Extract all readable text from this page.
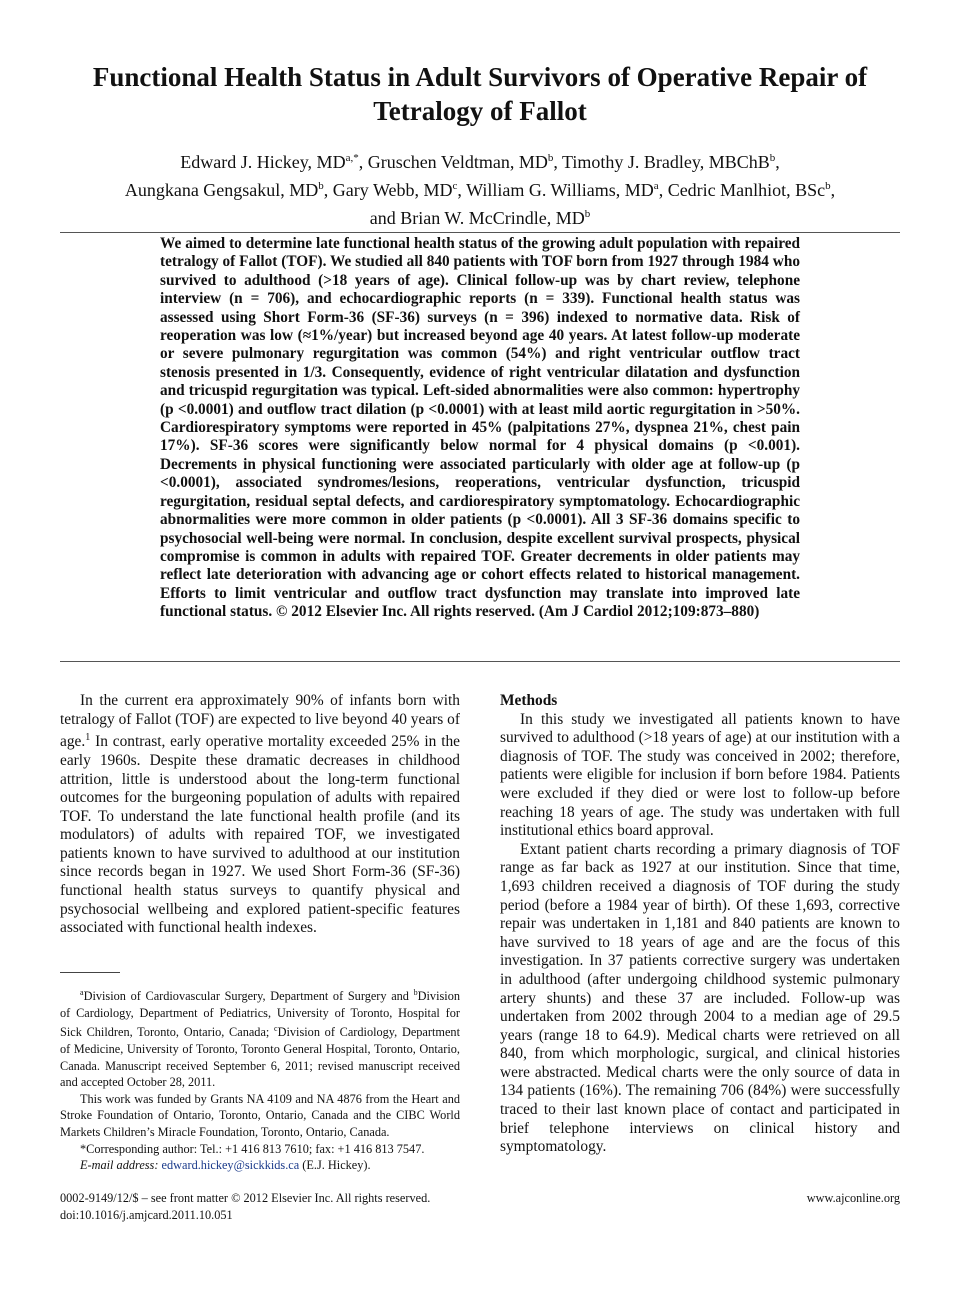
Functional Health Status in Adult Survivors of Operative Repair of Tetralogy of Fallot
Edward J. Hickey, $MD^{a,*}$, Gruschen Veldtman, $MD^b$, Timothy J. Bradley, MBChB$^b$,
Aungkana Gengsakul, $MD^b$, Gary Webb, $MD^c$, William G. Williams, $MD^a$, Cedric Manlhiot, BSc$^b$,
and Brian W. McCrindle, $MD^b$
We aimed to determine late functional health status of the growing adult population with repaired tetralogy of Fallot (TOF). We studied all 840 patients with TOF born from 1927 through 1984 who survived to adulthood (>18 years of age). Clinical follow-up was by chart review, telephone interview (n = 706), and echocardiographic reports (n = 339). Functional health status was assessed using Short Form-36 (SF-36) surveys (n = 396) indexed to normative data. Risk of reoperation was low (≈1%/year) but increased beyond age 40 years. At latest follow-up moderate or severe pulmonary regurgitation was common (54%) and right ventricular outflow tract stenosis presented in 1/3. Consequently, evidence of right ventricular dilatation and dysfunction and tricuspid regurgitation was typical. Left-sided abnormalities were also common: hypertrophy (p <0.0001) and outflow tract dilation (p <0.0001) with at least mild aortic regurgitation in >50%. Cardiorespiratory symptoms were reported in 45% (palpitations 27%, dyspnea 21%, chest pain 17%). SF-36 scores were significantly below normal for 4 physical domains (p <0.001). Decrements in physical functioning were associated particularly with older age at follow-up (p <0.0001), associated syndromes/lesions, reoperations, ventricular dysfunction, tricuspid regurgitation, residual septal defects, and cardiorespiratory symptomatology. Echocardiographic abnormalities were more common in older patients (p <0.0001). All 3 SF-36 domains specific to psychosocial well-being were normal. In conclusion, despite excellent survival prospects, physical compromise is common in adults with repaired TOF. Greater decrements in older patients may reflect late deterioration with advancing age or cohort effects related to historical management. Efforts to limit ventricular and outflow tract dysfunction may translate into improved late functional status. © 2012 Elsevier Inc. All rights reserved. (Am J Cardiol 2012;109:873–880)

In the current era approximately 90% of infants born with tetralogy of Fallot (TOF) are expected to live beyond 40 years of age.$^1$ In contrast, early operative mortality exceeded 25% in the early 1960s. Despite these dramatic decreases in childhood attrition, little is understood about the long-term functional outcomes for the burgeoning population of adults with repaired TOF. To understand the late functional health profile (and its modulators) of adults with repaired TOF, we investigated patients known to have survived to adulthood at our institution since records began in 1927. We used Short Form-36 (SF-36) functional health status surveys to quantify physical and psychosocial wellbeing and explored patient-specific features associated with functional health indexes.

$^a$Division of Cardiovascular Surgery, Department of Surgery and $^b$Division of Cardiology, Department of Pediatrics, University of Toronto, Hospital for Sick Children, Toronto, Ontario, Canada; $^c$Division of Cardiology, Department of Medicine, University of Toronto, Toronto General Hospital, Toronto, Ontario, Canada. Manuscript received September 6, 2011; revised manuscript received and accepted October 28, 2011.

This work was funded by Grants NA 4109 and NA 4876 from the Heart and Stroke Foundation of Ontario, Toronto, Ontario, Canada and the CIBC World Markets Children’s Miracle Foundation, Toronto, Ontario, Canada.

*Corresponding author: Tel.: +1 416 813 7610; fax: +1 416 813 7547.

E-mail address: edward.hickey@sickkids.ca (E.J. Hickey).

Methods

In this study we investigated all patients known to have survived to adulthood (>18 years of age) at our institution with a diagnosis of TOF. The study was conceived in 2002; therefore, patients were eligible for inclusion if born before 1984. Patients were excluded if they died or were lost to follow-up before reaching 18 years of age. The study was undertaken with full institutional ethics board approval.

Extant patient charts recording a primary diagnosis of TOF range as far back as 1927 at our institution. Since that time, 1,693 children received a diagnosis of TOF during the study period (before a 1984 year of birth). Of these 1,693, corrective repair was undertaken in 1,181 and 840 patients are known to have survived to 18 years of age and are the focus of this investigation. In 37 patients corrective surgery was undertaken in adulthood (after undergoing childhood systemic pulmonary artery shunts) and these 37 are included. Follow-up was undertaken from 2002 through 2004 to a median age of 29.5 years (range 18 to 64.9). Medical charts were retrieved on all 840, from which morphologic, surgical, and clinical histories were abstracted. Medical charts were the only source of data in 134 patients (16%). The remaining 706 (84%) were successfully traced to their last known place of contact and participated in brief telephone interviews on clinical history and symptomatology.

0002-9149/12/$ – see front matter © 2012 Elsevier Inc. All rights reserved.
doi:10.1016/j.amjcard.2011.10.051
www.ajconline.org
